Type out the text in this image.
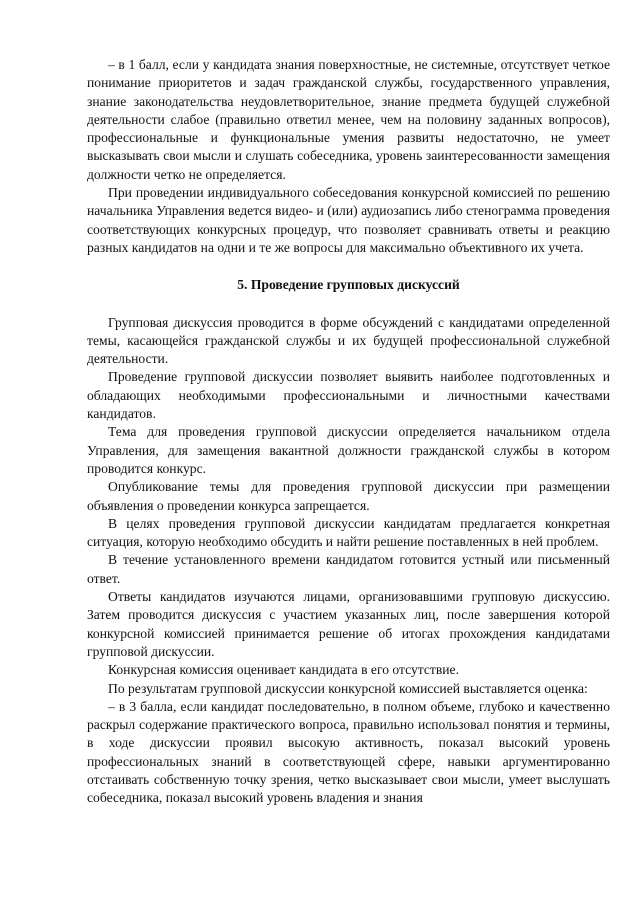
– в 1 балл, если у кандидата знания поверхностные, не системные, отсутствует четкое понимание приоритетов и задач гражданской службы, государственного управления, знание законодательства неудовлетворительное, знание предмета будущей служебной деятельности слабое (правильно ответил менее, чем на половину заданных вопросов), профессиональные и функциональные умения развиты недостаточно, не умеет высказывать свои мысли и слушать собеседника, уровень заинтересованности замещения должности четко не определяется.

При проведении индивидуального собеседования конкурсной комиссией по решению начальника Управления ведется видео- и (или) аудиозапись либо стенограмма проведения соответствующих конкурсных процедур, что позволяет сравнивать ответы и реакцию разных кандидатов на одни и те же вопросы для максимально объективного их учета.

5. Проведение групповых дискуссий

Групповая дискуссия проводится в форме обсуждений с кандидатами определенной темы, касающейся гражданской службы и их будущей профессиональной служебной деятельности.

Проведение групповой дискуссии позволяет выявить наиболее подготовленных и обладающих необходимыми профессиональными и личностными качествами кандидатов.

Тема для проведения групповой дискуссии определяется начальником отдела Управления, для замещения вакантной должности гражданской службы в котором проводится конкурс.

Опубликование темы для проведения групповой дискуссии при размещении объявления о проведении конкурса запрещается.

В целях проведения групповой дискуссии кандидатам предлагается конкретная ситуация, которую необходимо обсудить и найти решение поставленных в ней проблем.

В течение установленного времени кандидатом готовится устный или письменный ответ.

Ответы кандидатов изучаются лицами, организовавшими групповую дискуссию. Затем проводится дискуссия с участием указанных лиц, после завершения которой конкурсной комиссией принимается решение об итогах прохождения кандидатами групповой дискуссии.

Конкурсная комиссия оценивает кандидата в его отсутствие.

По результатам групповой дискуссии конкурсной комиссией выставляется оценка:

– в 3 балла, если кандидат последовательно, в полном объеме, глубоко и качественно раскрыл содержание практического вопроса, правильно использовал понятия и термины, в ходе дискуссии проявил высокую активность, показал высокий уровень профессиональных знаний в соответствующей сфере, навыки аргументированно отстаивать собственную точку зрения, четко высказывает свои мысли, умеет выслушать собеседника, показал высокий уровень владения и знания
